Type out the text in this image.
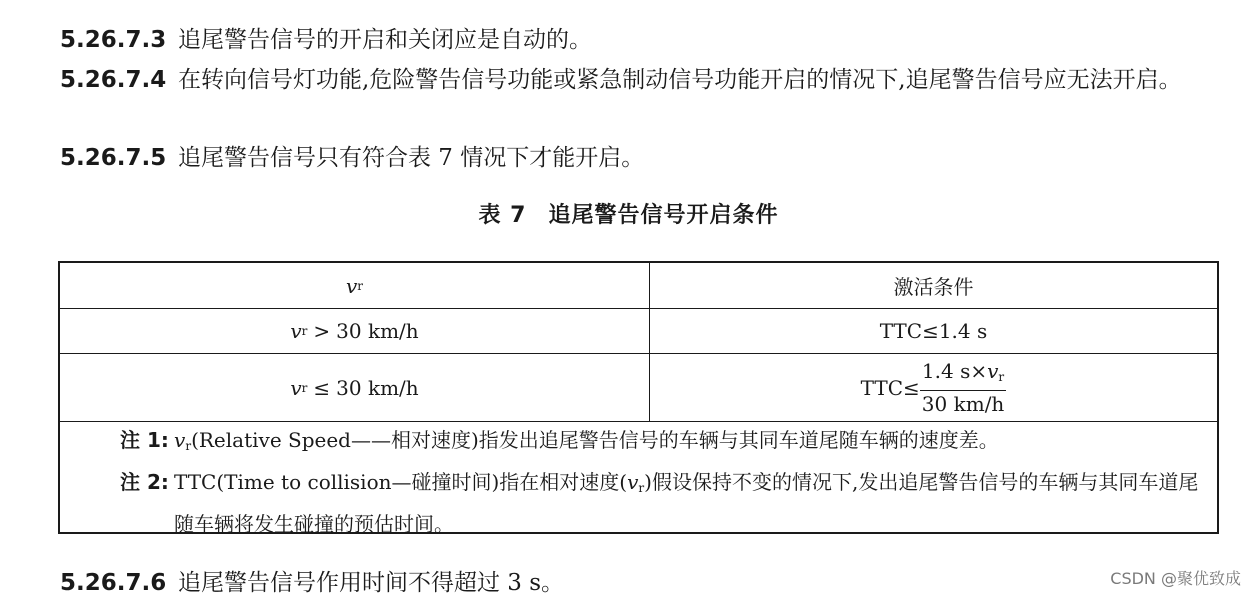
5.26.7.3 追尾警告信号的开启和关闭应是自动的。
5.26.7.4 在转向信号灯功能,危险警告信号功能或紧急制动信号功能开启的情况下,追尾警告信号应无法开启。
5.26.7.5 追尾警告信号只有符合表 7 情况下才能开启。
表 7 追尾警告信号开启条件
v r	激活条件
v r > 30 km/h	TTC≤1.4 s
v r ≤ 30 km/h	$TTC\le \frac{1.4 s\times v_r}{30 km/h}$
注 1: $v_r(Relative$ Speed——相对速度)指发出追尾警告信号的车辆与其同车道尾随车辆的速度差。
注 2: TTC(Time to collision—碰撞时间)指在相对速度$(v_r)$假设保持不变的情况下,发出追尾警告信号的车辆与其同车道尾随车辆将发生碰撞的预估时间。
5.26.7.6 追尾警告信号作用时间不得超过 3 s。	CSDN @聚优致成
